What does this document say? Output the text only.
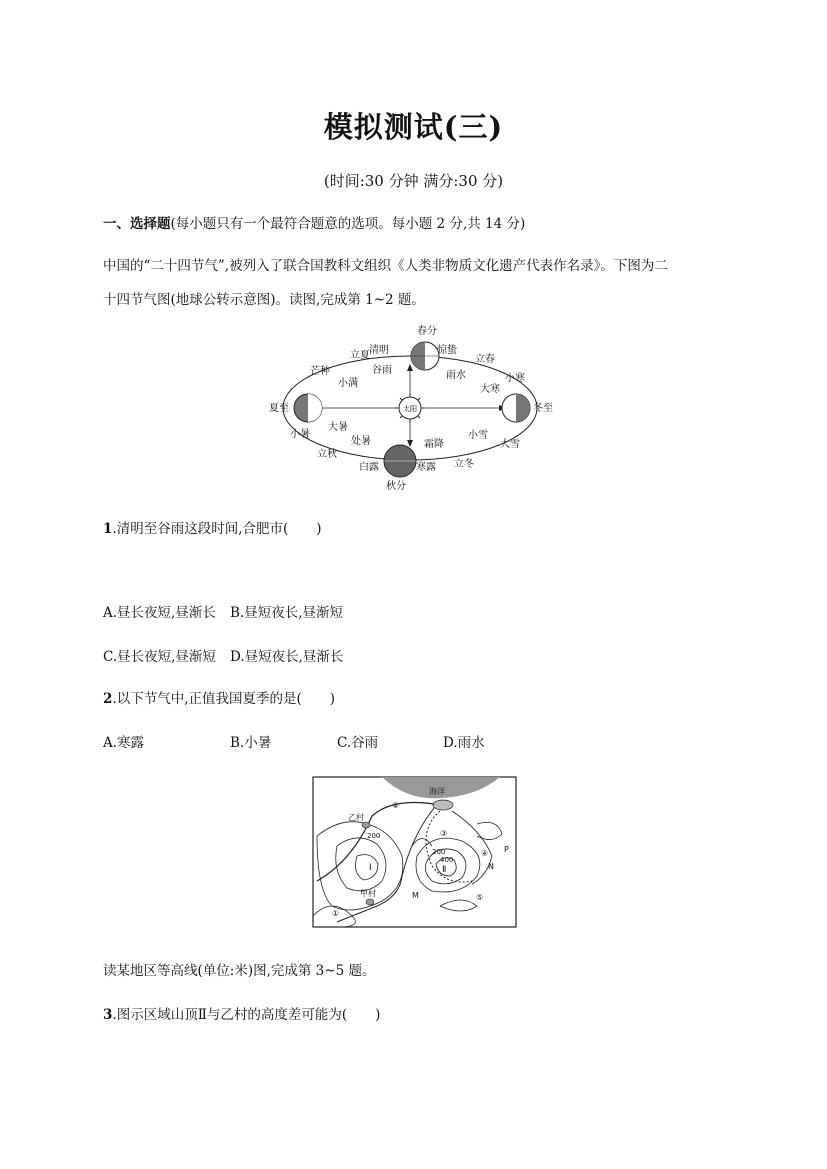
模拟测试(三)
(时间:30 分钟 满分:30 分)
一、选择题(每小题只有一个最符合题意的选项。每小题 2 分,共 14 分)

中国的“二十四节气”,被列入了联合国教科文组织《人类非物质文化遗产代表作名录》。下图为二

十四节气图(地球公转示意图)。读图,完成第 1~2 题。

太阳
春分
清明	惊蛰
立夏	立春
谷雨	雨水
芒种
小满	小寒
大寒
夏至	冬至
小暑
大暑
处暑	霜降
小雪
大雪
立秋
立冬
白露	寒露
秋分
1.清明至谷雨这段时间,合肥市( )
A.昼长夜短,昼渐长 B.昼短夜长,昼渐短
C.昼长夜短,昼渐短 D.昼短夜长,昼渐长
2.以下节气中,正值我国夏季的是( )
A.寒露	B.小暑	C.谷雨	D.雨水
海洋
乙村
甲村
200
200
400
Ⅰ	Ⅱ
M
N
P
①
②
③
④
⑤
读某地区等高线(单位:米)图,完成第 3~5 题。
3.图示区域山顶Ⅱ与乙村的高度差可能为( )
